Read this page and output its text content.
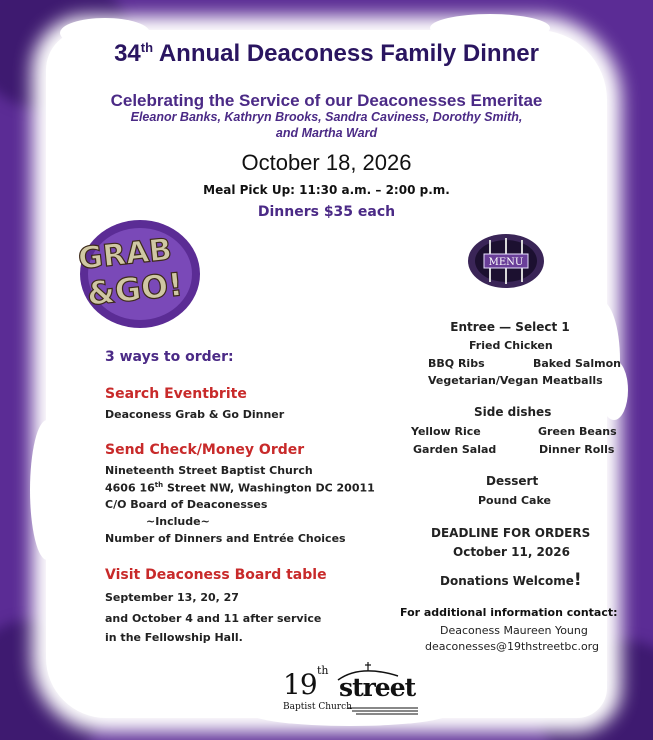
34th Annual Deaconess Family Dinner
Celebrating the Service of our Deaconesses Emeritae
Eleanor Banks, Kathryn Brooks, Sandra Caviness, Dorothy Smith,
and Martha Ward
October 18, 2026
Meal Pick Up: 11:30 a.m. – 2:00 p.m.
Dinners $35 each
GRAB
&GO!
MENU
3 ways to order:
Search Eventbrite
Deaconess Grab & Go Dinner
Send Check/Money Order
Nineteenth Street Baptist Church
4606 16th Street NW, Washington DC 20011
C/O Board of Deaconesses
~Include~
Number of Dinners and Entrée Choices
Visit Deaconess Board table
September 13, 20, 27
and October 4 and 11 after service
in the Fellowship Hall.
Entree — Select 1
Fried Chicken
BBQ Ribs	Baked Salmon
Vegetarian/Vegan Meatballs
Side dishes
Yellow Rice	Green Beans
Garden Salad	Dinner Rolls
Dessert
Pound Cake
DEADLINE FOR ORDERS
October 11, 2026
Donations Welcome!
For additional information contact:
Deaconess Maureen Young
deaconesses@19thstreetbc.org
19 th
street
Baptist Church
